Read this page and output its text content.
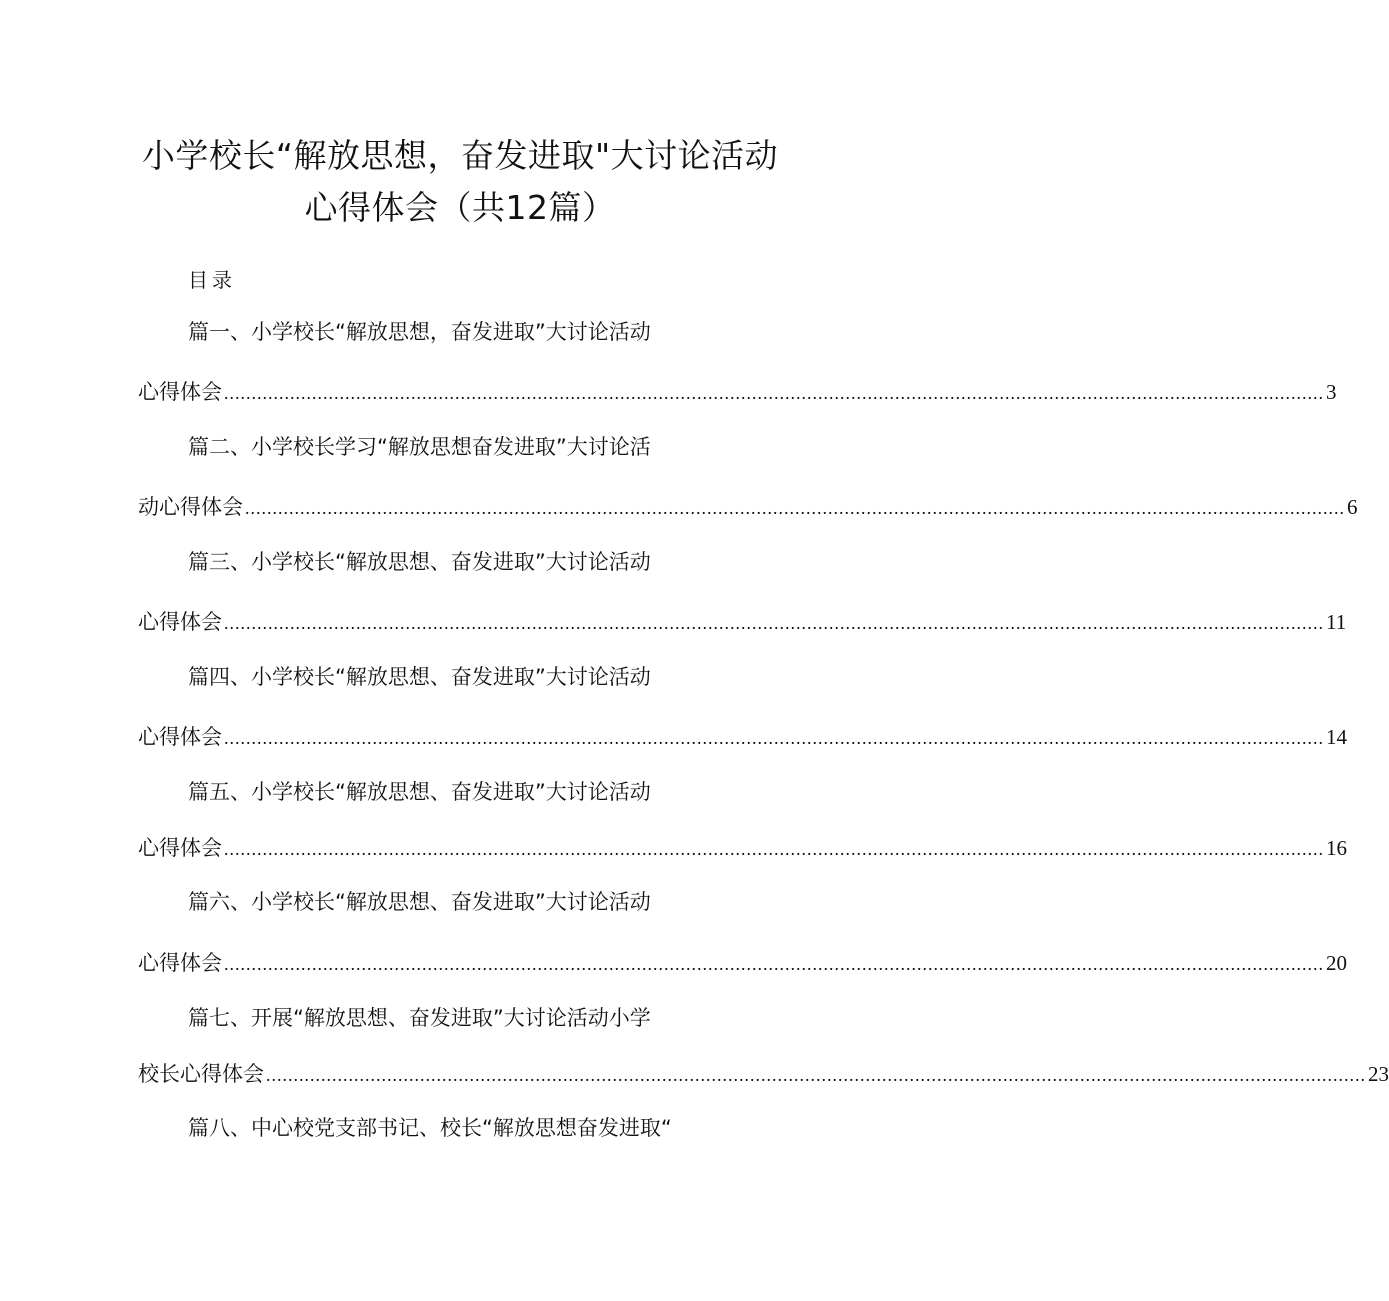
小学校长“解放思想，奋发进取"大讨论活动
心得体会（共12篇）
目录
篇一、小学校长“解放思想，奋发进取”大讨论活动
心得体会 ........................................................................................................................................................................................................ 3
篇二、小学校长学习“解放思想奋发进取”大讨论活
动心得体会 ........................................................................................................................................................................................................ 6
篇三、小学校长“解放思想、奋发进取”大讨论活动
心得体会 ........................................................................................................................................................................................................ 11
篇四、小学校长“解放思想、奋发进取”大讨论活动
心得体会 ........................................................................................................................................................................................................ 14
篇五、小学校长“解放思想、奋发进取”大讨论活动
心得体会 ........................................................................................................................................................................................................ 16
篇六、小学校长“解放思想、奋发进取”大讨论活动
心得体会 ........................................................................................................................................................................................................ 20
篇七、开展“解放思想、奋发进取”大讨论活动小学
校长心得体会 ........................................................................................................................................................................................................ 23
篇八、中心校党支部书记、校长“解放思想奋发进取“
